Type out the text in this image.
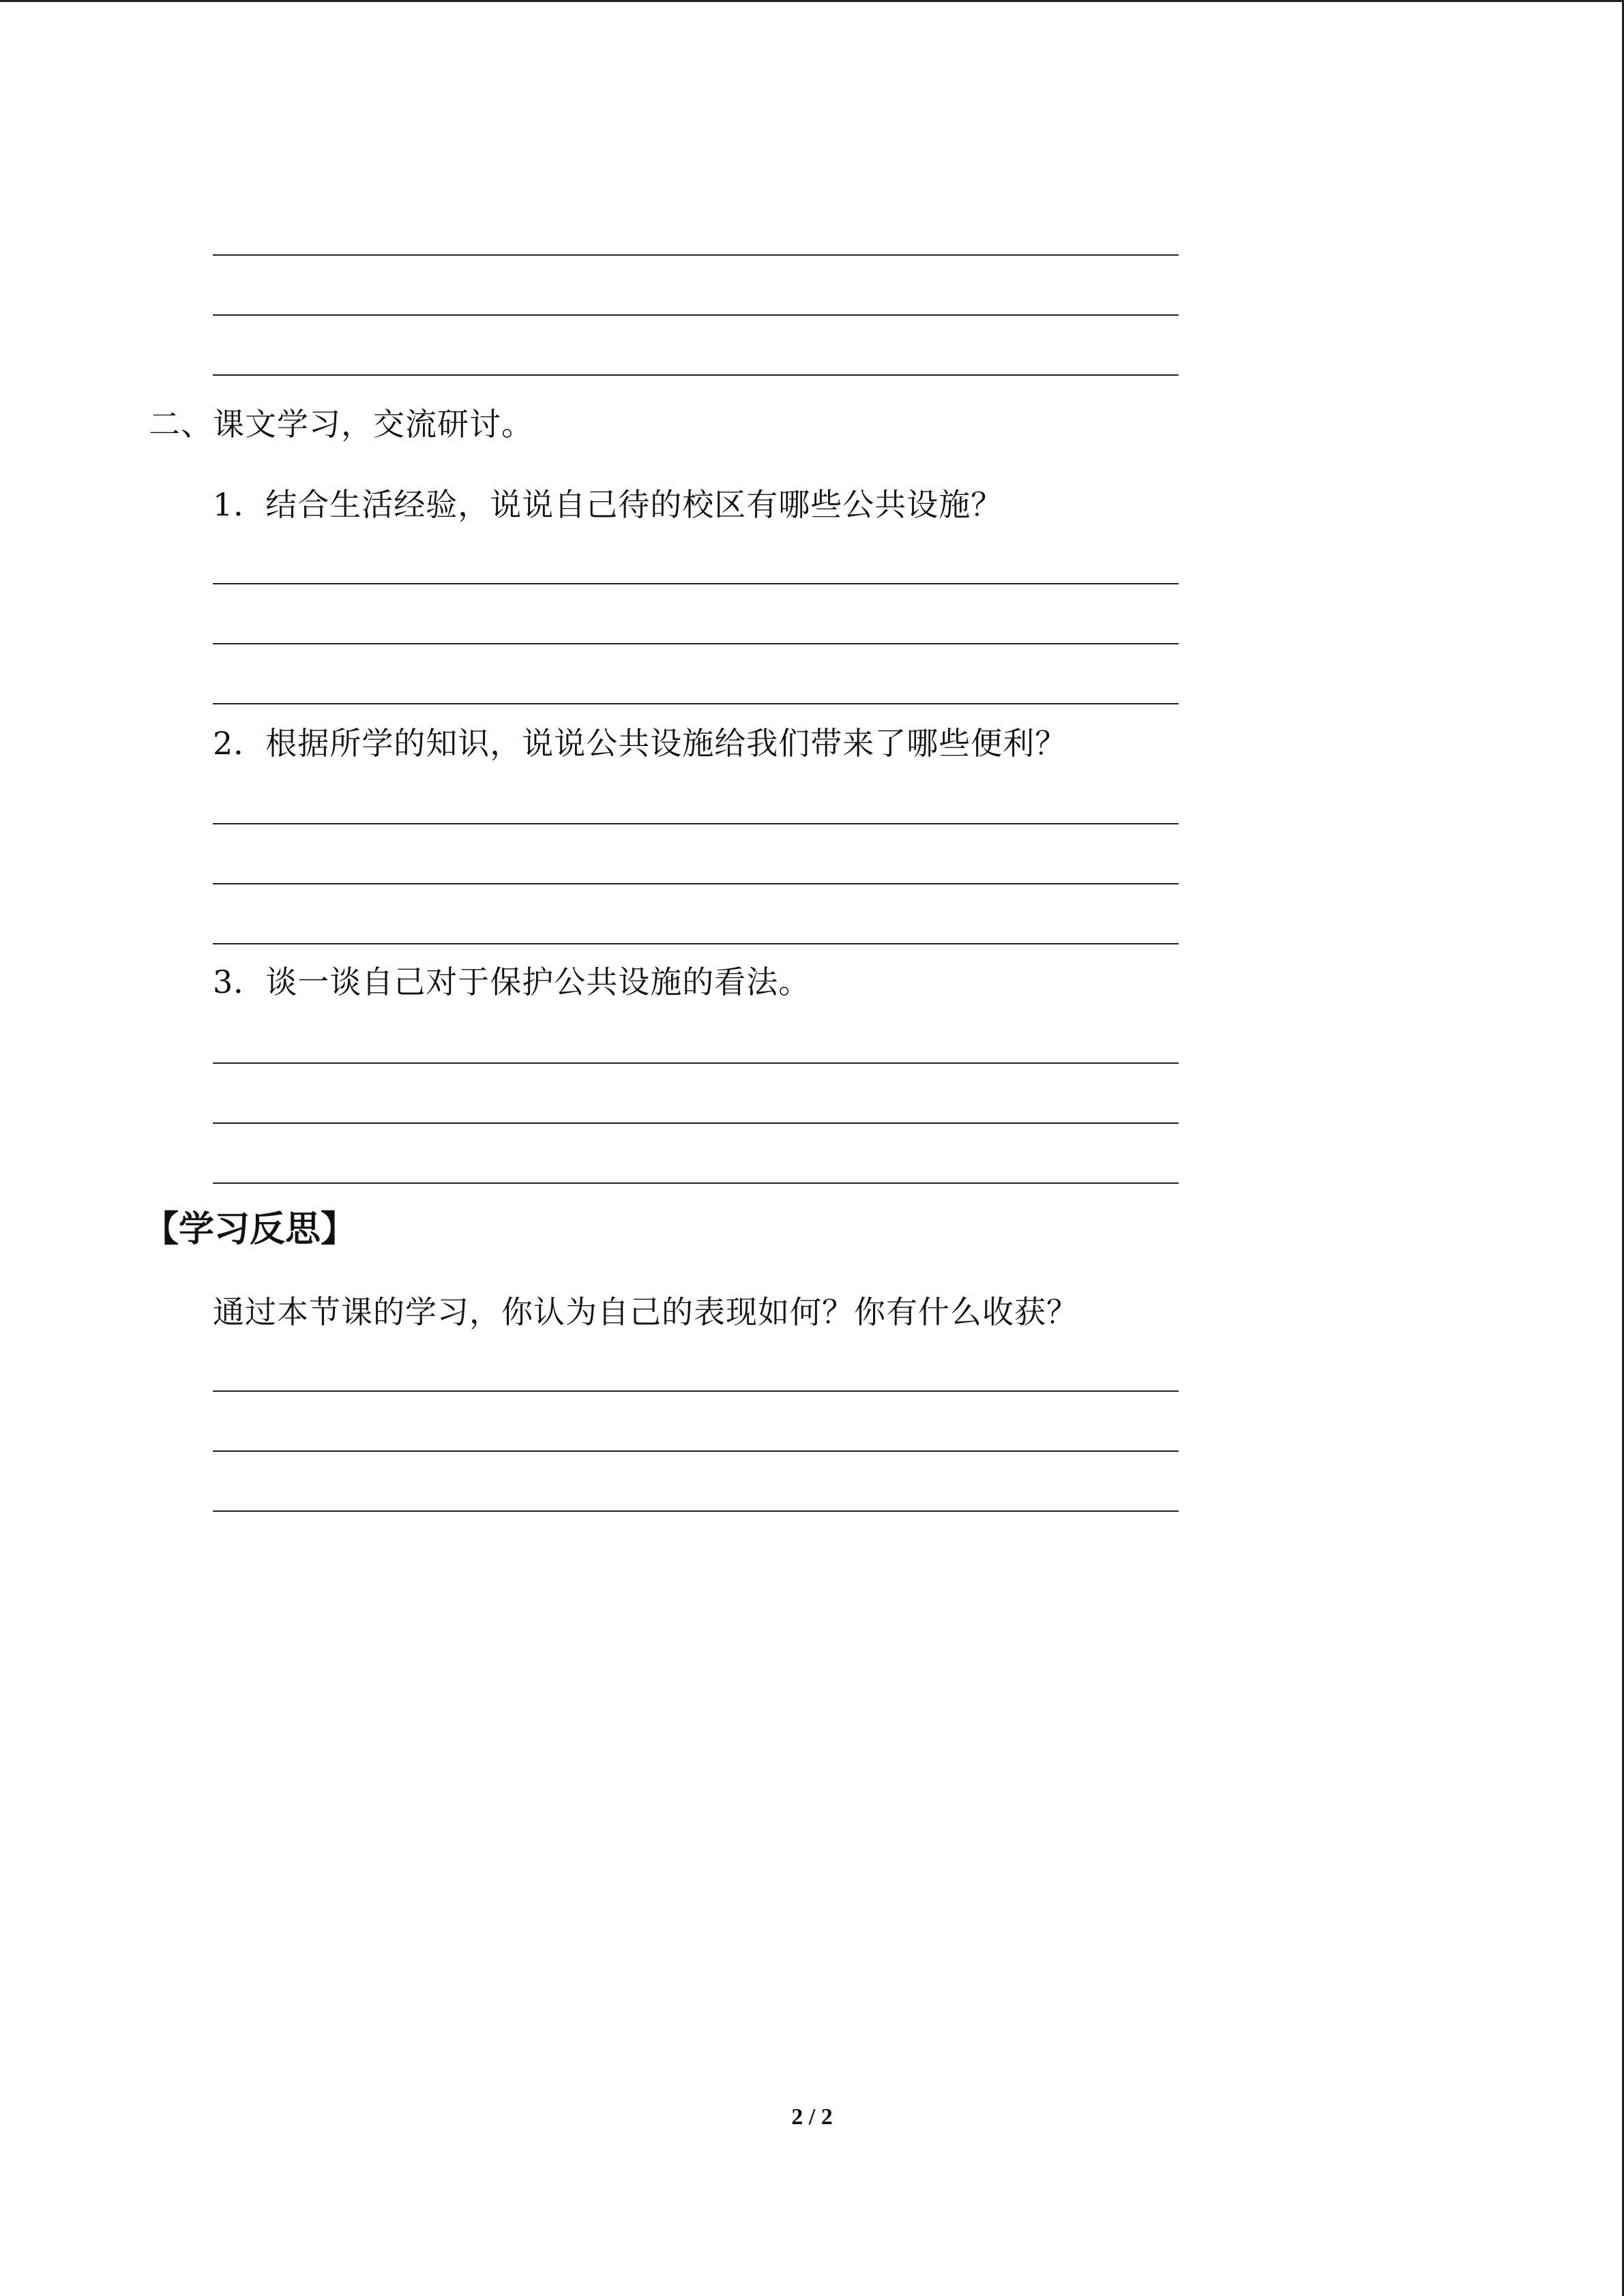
二、课文学习，交流研讨。
1．结合生活经验，说说自己待的校区有哪些公共设施？
2．根据所学的知识，说说公共设施给我们带来了哪些便利？
3．谈一谈自己对于保护公共设施的看法。
【学习反思】
通过本节课的学习，你认为自己的表现如何？你有什么收获？
2 / 2
